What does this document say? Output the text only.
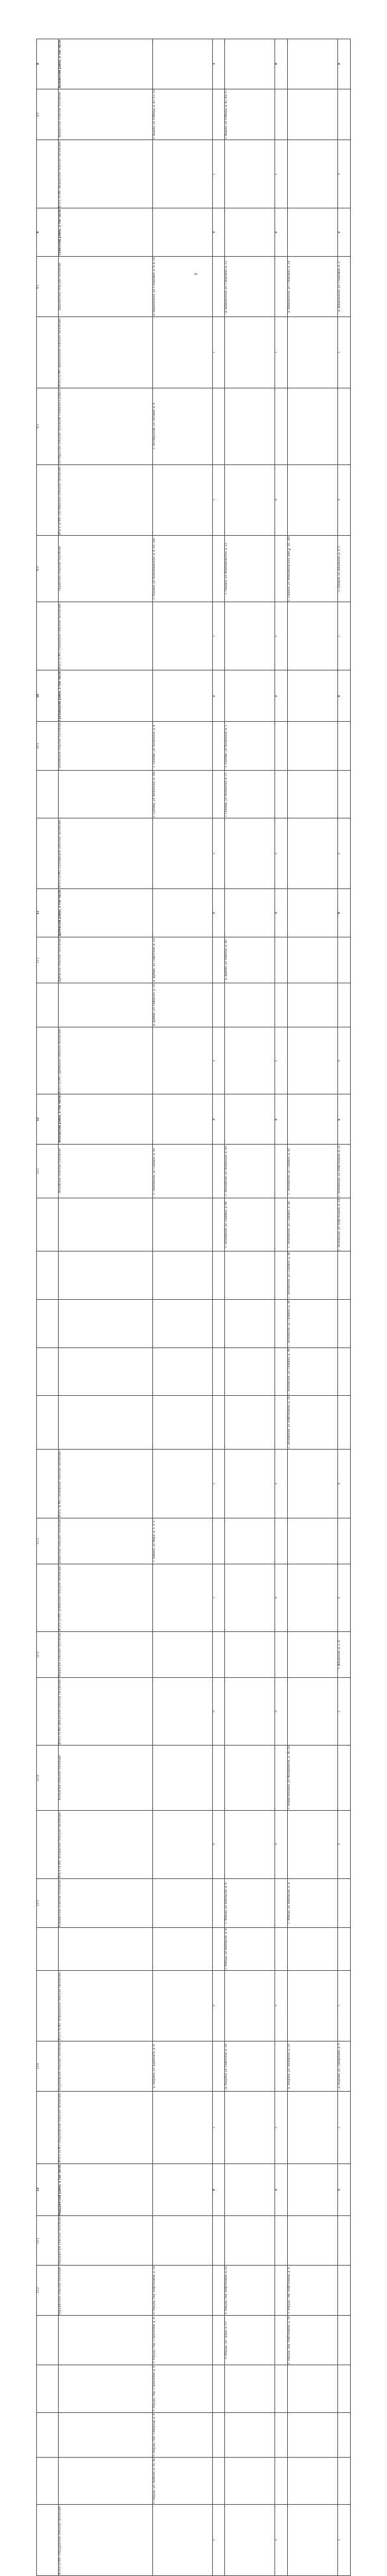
4
8	Вышинский район, в том числе		1		0		0

8.1	Вышинское сельское поселение	с. Вышок, ул. Победы, д. 47, 51, 53		с. Вышок, ул. Победы, д. 41, 43, 57			

	Итого по МО «Вышинское сельское поселение»		1		1		0

9	Галичский район, в том числе		3		2		2

9.1	Шишкинское сельское поселение	д. Шишкинская, ул. Гладковая, д. 6, 8, 10		д. Шишкинская, ул. Гладковая, д. 12		д. Шишкинская, ул. Гладковая, д. 14	д. Шишкинская, ул. Гладковая, д. 2

	Итого по МО «Шишкинское сельское поселение»		1		1		1

9.2	Октябрьское сельское поселение Галичского района	с. Октябрьский, ул. Луговая, д. 8					

	Итого по МО «Октябрьское сельское поселение»		1		0		0

9.3	Пашинское сельское поселение	с. Пашино, ул. Комсомольская, д. 9, 10, 10а		с. Пашино, ул. Комсомольская, д. 12		с. Пашино, ул. Комсомольская, дом № 16, 16а	с. Пашино, ул. Школьная, д. 3, 5

	Итого по МО «Пашинское сельское поселение»		1		1		1

10	Грязовецкий район, в том числе		2		2		0

10.1	Грязовецкое сельское поселение	с. Грязово, ул. Колхозная, д. 6		с. Грязово, ул. Колхозная, д. 1			

		с. Грязово, ул. Колхозная, д. 10а		с. Грязово, ул. Колхозная, д. 11			

	Итого по МО «Грязовецкое сельское поселение»		2		2		0

11	Дубёвский район, в том числе		2		1		0

11.1	Дубёвское сельское поселение	д. Дубёво, ул. Советская, д. 18		д. Дубёво, ул. Рабочая, д. 40			

		д. Дубёво, ул. Северная, д. 25					

	Итого по МО «Дубёвское сельское поселение»		2		1		0

12	Зенковский район, в том числе		3		5		6

12.1	Зенковское сельское поселение	с. Зенковское, ул. Садовая, д. 92		с. Зенковское, ул. Колхозная, д. 93		с. Зенковское, ул. Садовая, д. 42	с. Зенковское, ул. Нефтяников, д. 21

				с. Зенковское, ул. Садовая, д. 90		с. Зенковское, ул. Садовая, д. 44	с. Зенковское, ул. Нефтяников, д. 24

						с. Зенковское, ул. Садовая, д. 46	

						с. Зенковское, ул. Полевая, д. 38	

						с. Зенковское, ул. Полевая, д. 39	

						с. Зенковское, ул. Нефтяников, д. 24	

	Итого по МО «Зенковское сельское поселение»		1		2		6

12.2	Бабинское сельское поселение	с. Бабино, ул. Мира, д. 1, 3, 5					

	Итого по МО «Бабинское сельское поселение»		1		0		0

12.3	Ильинское сельское поселение						с. Ильинское, д. 1, 4

	Итого по МО «Ильинское сельское поселение»		0		0		1

12.4	Калашское сельское поселение					п. Новые Козлики, ул. Молодёжная, д. 16, 18	

	Итого по МО «Калашское сельское поселение»		0		0		0

12.5	Клюшинское сельское поселение			с. Клюши, ул. Школьная, д. 6		с. Клюши, ул. Школьная, д. 4	

				с. Клюши, ул. Школьная, д. 8			

	Итого по МО «Клюшинское сельское поселение»		0		2		1

12.6	Хохряковское сельское поселение	д. Хохряки, ул. Буденного, д. 8		д. Хохряки, ул. Советская, д. 16		д. Хохряки, ул. Заозерная, д. 10	д. Хохряки, ул. Тимирязева, д. 5

	Итого по МО «Хохряковское сельское поселение»		1		1		1

13	Нерудинский район, в том числе		8		2		5

13.1	Нерудинское сельское поселение						

13.2	Нерудинское сельское поселение	п. Нерудь, пер. Нефтяников, д. 10		п. Нерудь, пер. Нефтяников, д. 22		п. Нерудь, пер. Нефтяников, д. 8	

		п. Нерудь, пер. Строителей, д. 4		п. Нерудь, ул. Труда, д. 15		п. Нерудь, пер. Нефтяников, д. 16	

		п. Нерудь, пер. Строителей, д. 6					

		п. Нерудь, пер. Северный, д. 8					

		п. Нерудь, ул. Зелёная, д. 5а, 5б					

	Итого по МО «Нерудинское сельское поселение»		5		2		2
